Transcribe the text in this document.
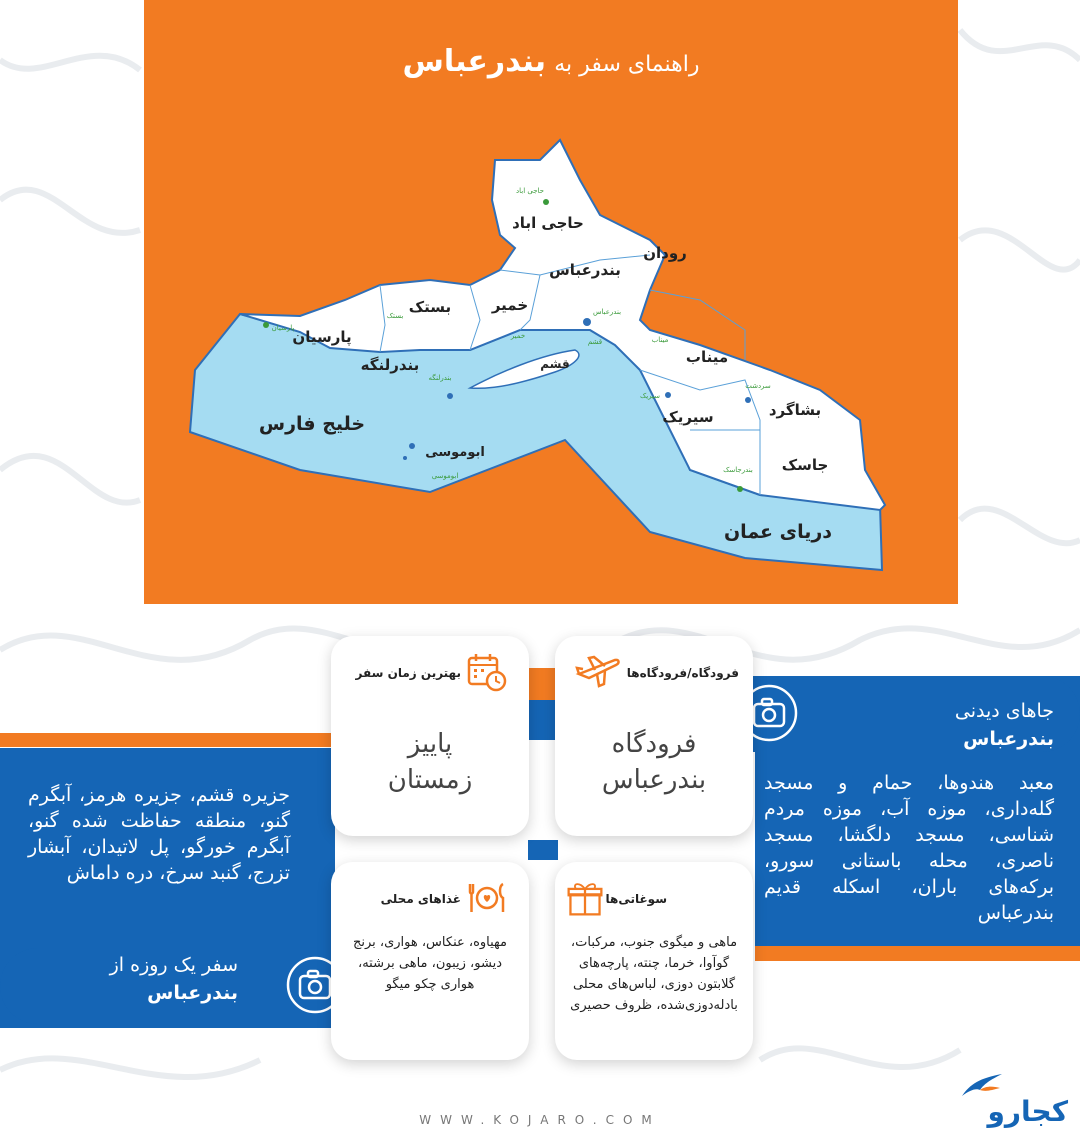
راهنمای سفر به بندرعباس
حاجی اباد
رودان
بندرعباس
بستک	خمیر
پارسیان
بندرلنگه	قشم	میناب
بشاگرد
سیریک
جاسک
ابوموسی
خلیج فارس
دریای عمان
حاجی اباد
بندرعباس
بستک
خمیر
پارسیان
بندرلنگه
قشم	میناب
سردشت
سیریک
بندرجاسک
ابوموسی
جاهای دیدنی
بندرعباس
معبد هندوها، حمام و مسجد گله‌داری، موزه آب، موزه مردم شناسی، مسجد دلگشا، مسجد ناصری، محله باستانی سورو، برکه‌های باران، اسکله قدیم بندرعباس
جزیره قشم، جزیره هرمز، آبگرم گنو، منطقه حفاظت شده گنو، آبگرم خورگو، پل لاتیدان، آبشار تزرج، گنبد سرخ، دره داماش
سفر یک روزه از
بندرعباس
فرودگاه/فرودگاه‌ها
فرودگاه
بندرعباس
بهترین زمان سفر
پاییز
زمستان
سوغاتی‌ها
ماهی و میگوی جنوب، مرکبات، گوآوا، خرما، چنته، پارچه‌های گلابتون دوزی، لباس‌های محلی بادله‌دوزی‌شده، ظروف حصیری
غذاهای محلی
مهیاوه، عنکاس، هواری، برنج دیشو، زیبون، ماهی برشته، هواری چکو میگو
WWW.KOJARO.COM	کجارو
